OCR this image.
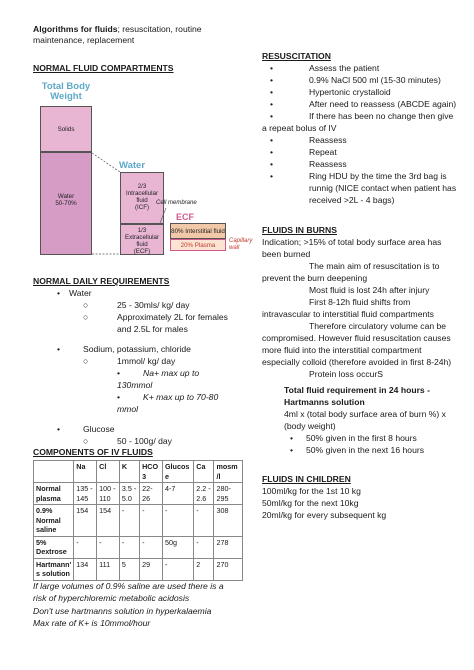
Algorithms for fluids; resuscitation, routine
maintenance, replacement
NORMAL FLUID COMPARTMENTS
Total Body
Weight
Solids
Water
50-70%
Water
2/3
Intracellular fluid
(ICF)
1/3
Extracellular fluid
(ECF)
Cell membrane
ECF
80% Interstitial fluid
20% Plasma
Capillary
wall
NORMAL DAILY REQUIREMENTS
• Water
○	25 - 30mls/ kg/ day
○	Approximately 2L for females
and 2.5L for males
•	Sodium, potassium, chloride
○	1mmol/ kg/ day
•	Na+ max up to
130mmol
•	K+ max up to 70-80
mmol
•	Glucose
○	50 - 100g/ day
COMPONENTS OF IV FLUIDS
	Na	Cl	K	HCO 3	Glucos e	Ca	mosm /l
Normal plasma	135 - 145	100 - 110	3.5 - 5.0	22-26	4-7	2.2 - 2.6	280- 295
0.9% Normal saline	154	154	-	-	-	-	308
5% Dextrose	-	-	-	-	50g	-	278
Hartmann' s solution	134	111	5	29	-	2	270
If large volumes of 0.9% saline are used there is a
risk of hyperchloremic metabolic acidosis
Don't use hartmanns solution in hyperkalaemia
Max rate of K+ is 10mmol/hour
RESUSCITATION
•	Assess the patient
•	0.9% NaCl 500 ml (15-30 minutes)
•	Hypertonic crystalloid
•	After need to reassess (ABCDE again)
•	If there has been no change then give
a repeat bolus of IV
•	Reassess
•	Repeat
•	Reassess
•	Ring HDU by the time the 3rd bag is
runnig (NICE contact when patient has
received >2L - 4 bags)
FLUIDS IN BURNS
Indication; >15% of total body surface area has
been burned
The main aim of resuscitation is to
prevent the burn deepening
Most fluid is lost 24h after injury
First 8-12h fluid shifts from
intravascular to interstitial fluid compartments
Therefore circulatory volume can be
compromised. However fluid resuscitation causes
more fluid into the interstitial compartment
especially colloid (therefore avoided in first 8-24h)
Protein loss occurS
Total fluid requirement in 24 hours -
Hartmanns solution
4ml x (total body surface area of burn %) x
(body weight)
• 50% given in the first 8 hours
• 50% given in the next 16 hours
FLUIDS IN CHILDREN
100ml/kg for the 1st 10 kg
50ml/kg for the next 10kg
20ml/kg for every subsequent kg
